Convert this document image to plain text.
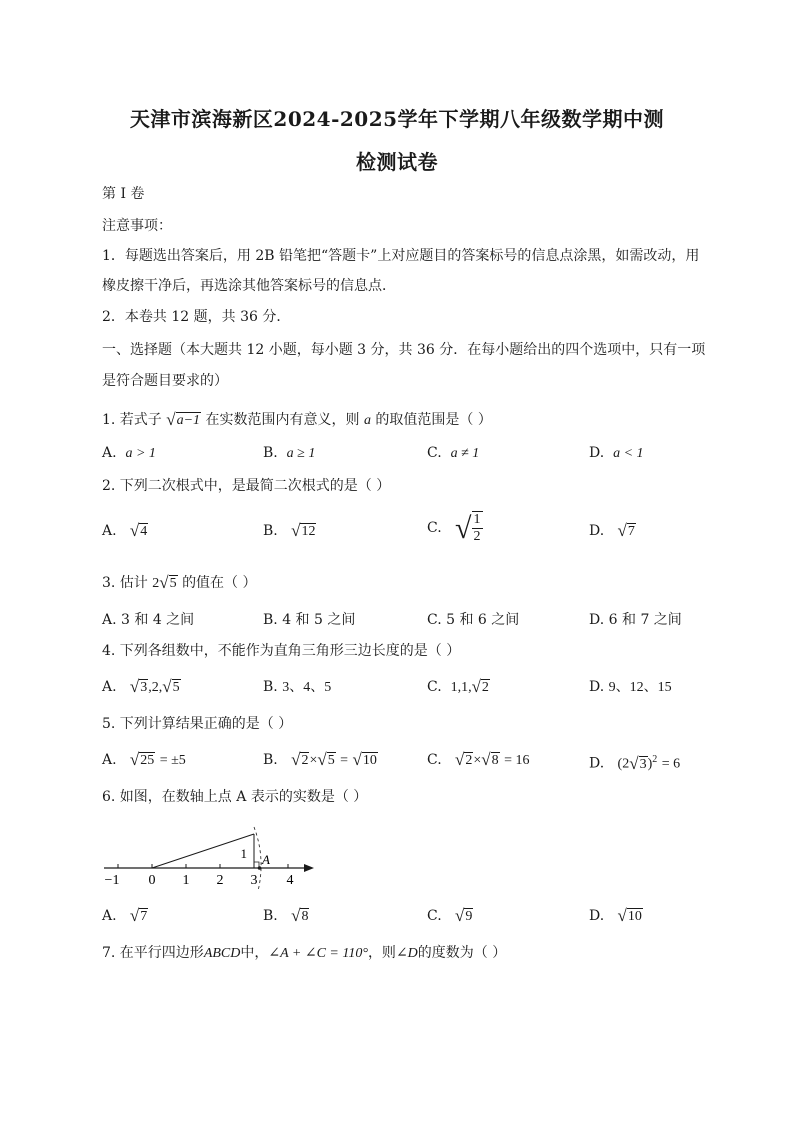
天津市滨海新区2024-2025学年下学期八年级数学期中测
检测试卷
第 I 卷
注意事项：
1．每题选出答案后，用 2B 铅笔把“答题卡”上对应题目的答案标号的信息点涂黑，如需改动，用
橡皮擦干净后，再选涂其他答案标号的信息点．
2．本卷共 12 题，共 36 分．
一、选择题（本大题共 12 小题，每小题 3 分，共 36 分．在每小题给出的四个选项中，只有一项
是符合题目要求的）
1. 若式子 √a−1 在实数范围内有意义，则 a 的取值范围是（ ）
A. a > 1	B. a ≥ 1	C. a ≠ 1	D. a < 1
2. 下列二次根式中，是最简二次根式的是（ ）
A. √4	B. √12	C. √ $\frac{1}{2}$	D. √7
3. 估计 2√5 的值在（ ）
A. 3 和 4 之间	B. 4 和 5 之间	C. 5 和 6 之间	D. 6 和 7 之间
4. 下列各组数中，不能作为直角三角形三边长度的是（ ）
A. √3,2,√5	B. 3、4、5	C. 1,1,√2	D. 9、12、15
5. 下列计算结果正确的是（ ）
A. √25 = ±5	B. √2×√5 = √10	C. √2×√8 = 16	D. $(2√3)^2 = 6$
6. 如图，在数轴上点 A 表示的实数是（ ）
1 A
−1 0 1 2 3 4
A. √7	B. √8	C. √9	D. √10
7. 在平行四边形ABCD中，∠A + ∠C = 110°，则∠D的度数为（ ）
